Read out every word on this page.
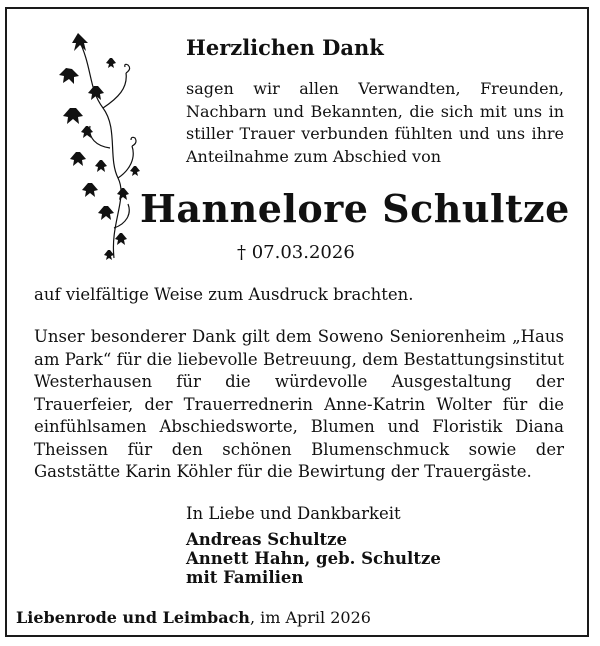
Herzlichen Dank
sagen wir allen Verwandten, Freunden, Nachbarn und Bekannten, die sich mit uns in stiller Trauer verbunden fühlten und uns ihre Anteilnahme zum Abschied von
Hannelore Schultze
† 07.03.2026
auf vielfältige Weise zum Ausdruck brachten.
Unser besonderer Dank gilt dem Soweno Seniorenheim „Haus am Park“ für die liebevolle Betreuung, dem Bestattungsinstitut Westerhausen für die würdevolle Ausgestaltung der Trauerfeier, der Trauerrednerin Anne-Katrin Wolter für die einfühlsamen Abschiedsworte, Blumen und Floristik Diana Theissen für den schönen Blumenschmuck sowie der Gaststätte Karin Köhler für die Bewirtung der Trauergäste.
In Liebe und Dankbarkeit
Andreas Schultze
Annett Hahn, geb. Schultze
mit Familien
Liebenrode und Leimbach, im April 2026
